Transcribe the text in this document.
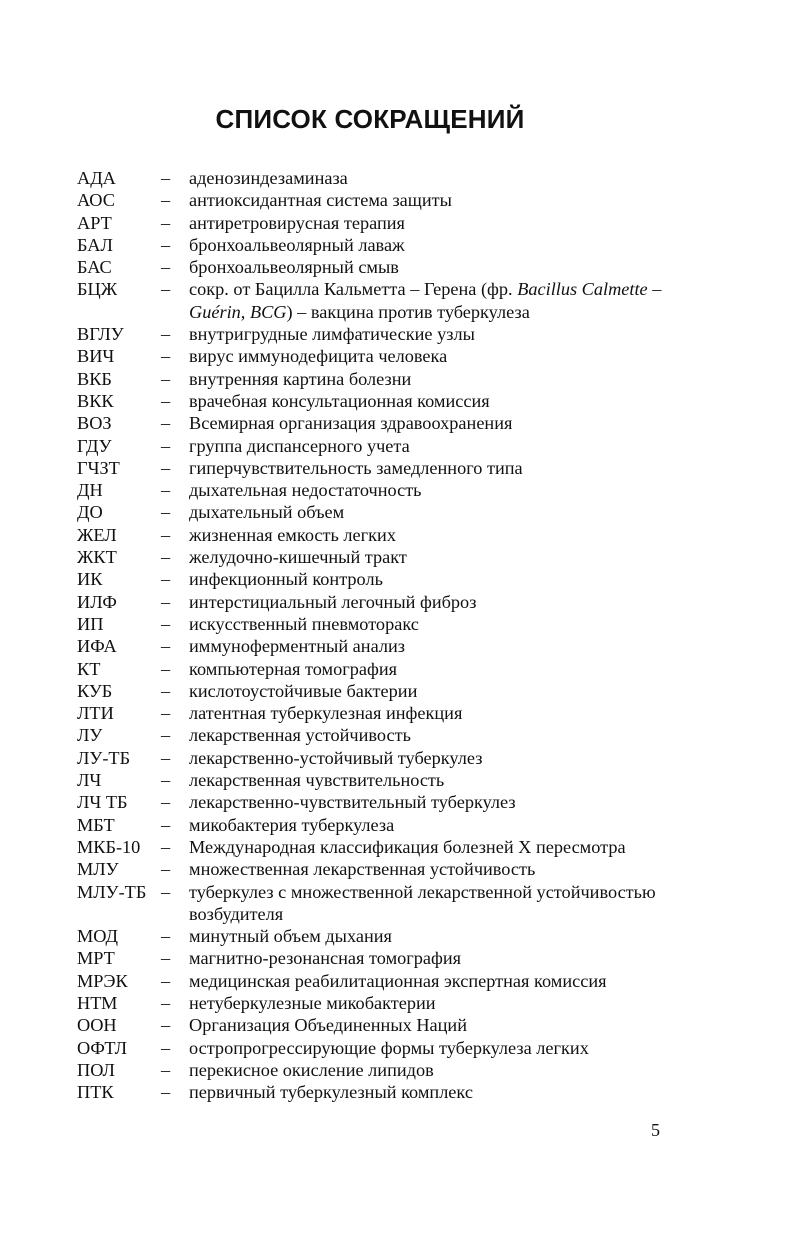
СПИСОК СОКРАЩЕНИЙ
АДА	–	аденозиндезаминаза
АОС	–	антиоксидантная система защиты
АРТ	–	антиретровирусная терапия
БАЛ	–	бронхоальвеолярный лаваж
БАС	–	бронхоальвеолярный смыв
БЦЖ	–	сокр. от Бацилла Кальметта – Герена (фр. Bacillus Calmette – Guérin, BCG) – вакцина против туберкулеза
ВГЛУ	–	внутригрудные лимфатические узлы
ВИЧ	–	вирус иммунодефицита человека
ВКБ	–	внутренняя картина болезни
ВКК	–	врачебная консультационная комиссия
ВОЗ	–	Всемирная организация здравоохранения
ГДУ	–	группа диспансерного учета
ГЧЗТ	–	гиперчувствительность замедленного типа
ДН	–	дыхательная недостаточность
ДО	–	дыхательный объем
ЖЕЛ	–	жизненная емкость легких
ЖКТ	–	желудочно-кишечный тракт
ИК	–	инфекционный контроль
ИЛФ	–	интерстициальный легочный фиброз
ИП	–	искусственный пневмоторакс
ИФА	–	иммуноферментный анализ
КТ	–	компьютерная томография
КУБ	–	кислотоустойчивые бактерии
ЛТИ	–	латентная туберкулезная инфекция
ЛУ	–	лекарственная устойчивость
ЛУ-ТБ	–	лекарственно-устойчивый туберкулез
ЛЧ	–	лекарственная чувствительность
ЛЧ ТБ	–	лекарственно-чувствительный туберкулез
МБТ	–	микобактерия туберкулеза
МКБ-10	–	Международная классификация болезней X пересмотра
МЛУ	–	множественная лекарственная устойчивость
МЛУ-ТБ –	туберкулез с множественной лекарственной устойчивостью возбудителя
МОД	–	минутный объем дыхания
МРТ	–	магнитно-резонансная томография
МРЭК	–	медицинская реабилитационная экспертная комиссия
НТМ	–	нетуберкулезные микобактерии
ООН	–	Организация Объединенных Наций
ОФТЛ	–	остропрогрессирующие формы туберкулеза легких
ПОЛ	–	перекисное окисление липидов
ПТК	–	первичный туберкулезный комплекс
5
